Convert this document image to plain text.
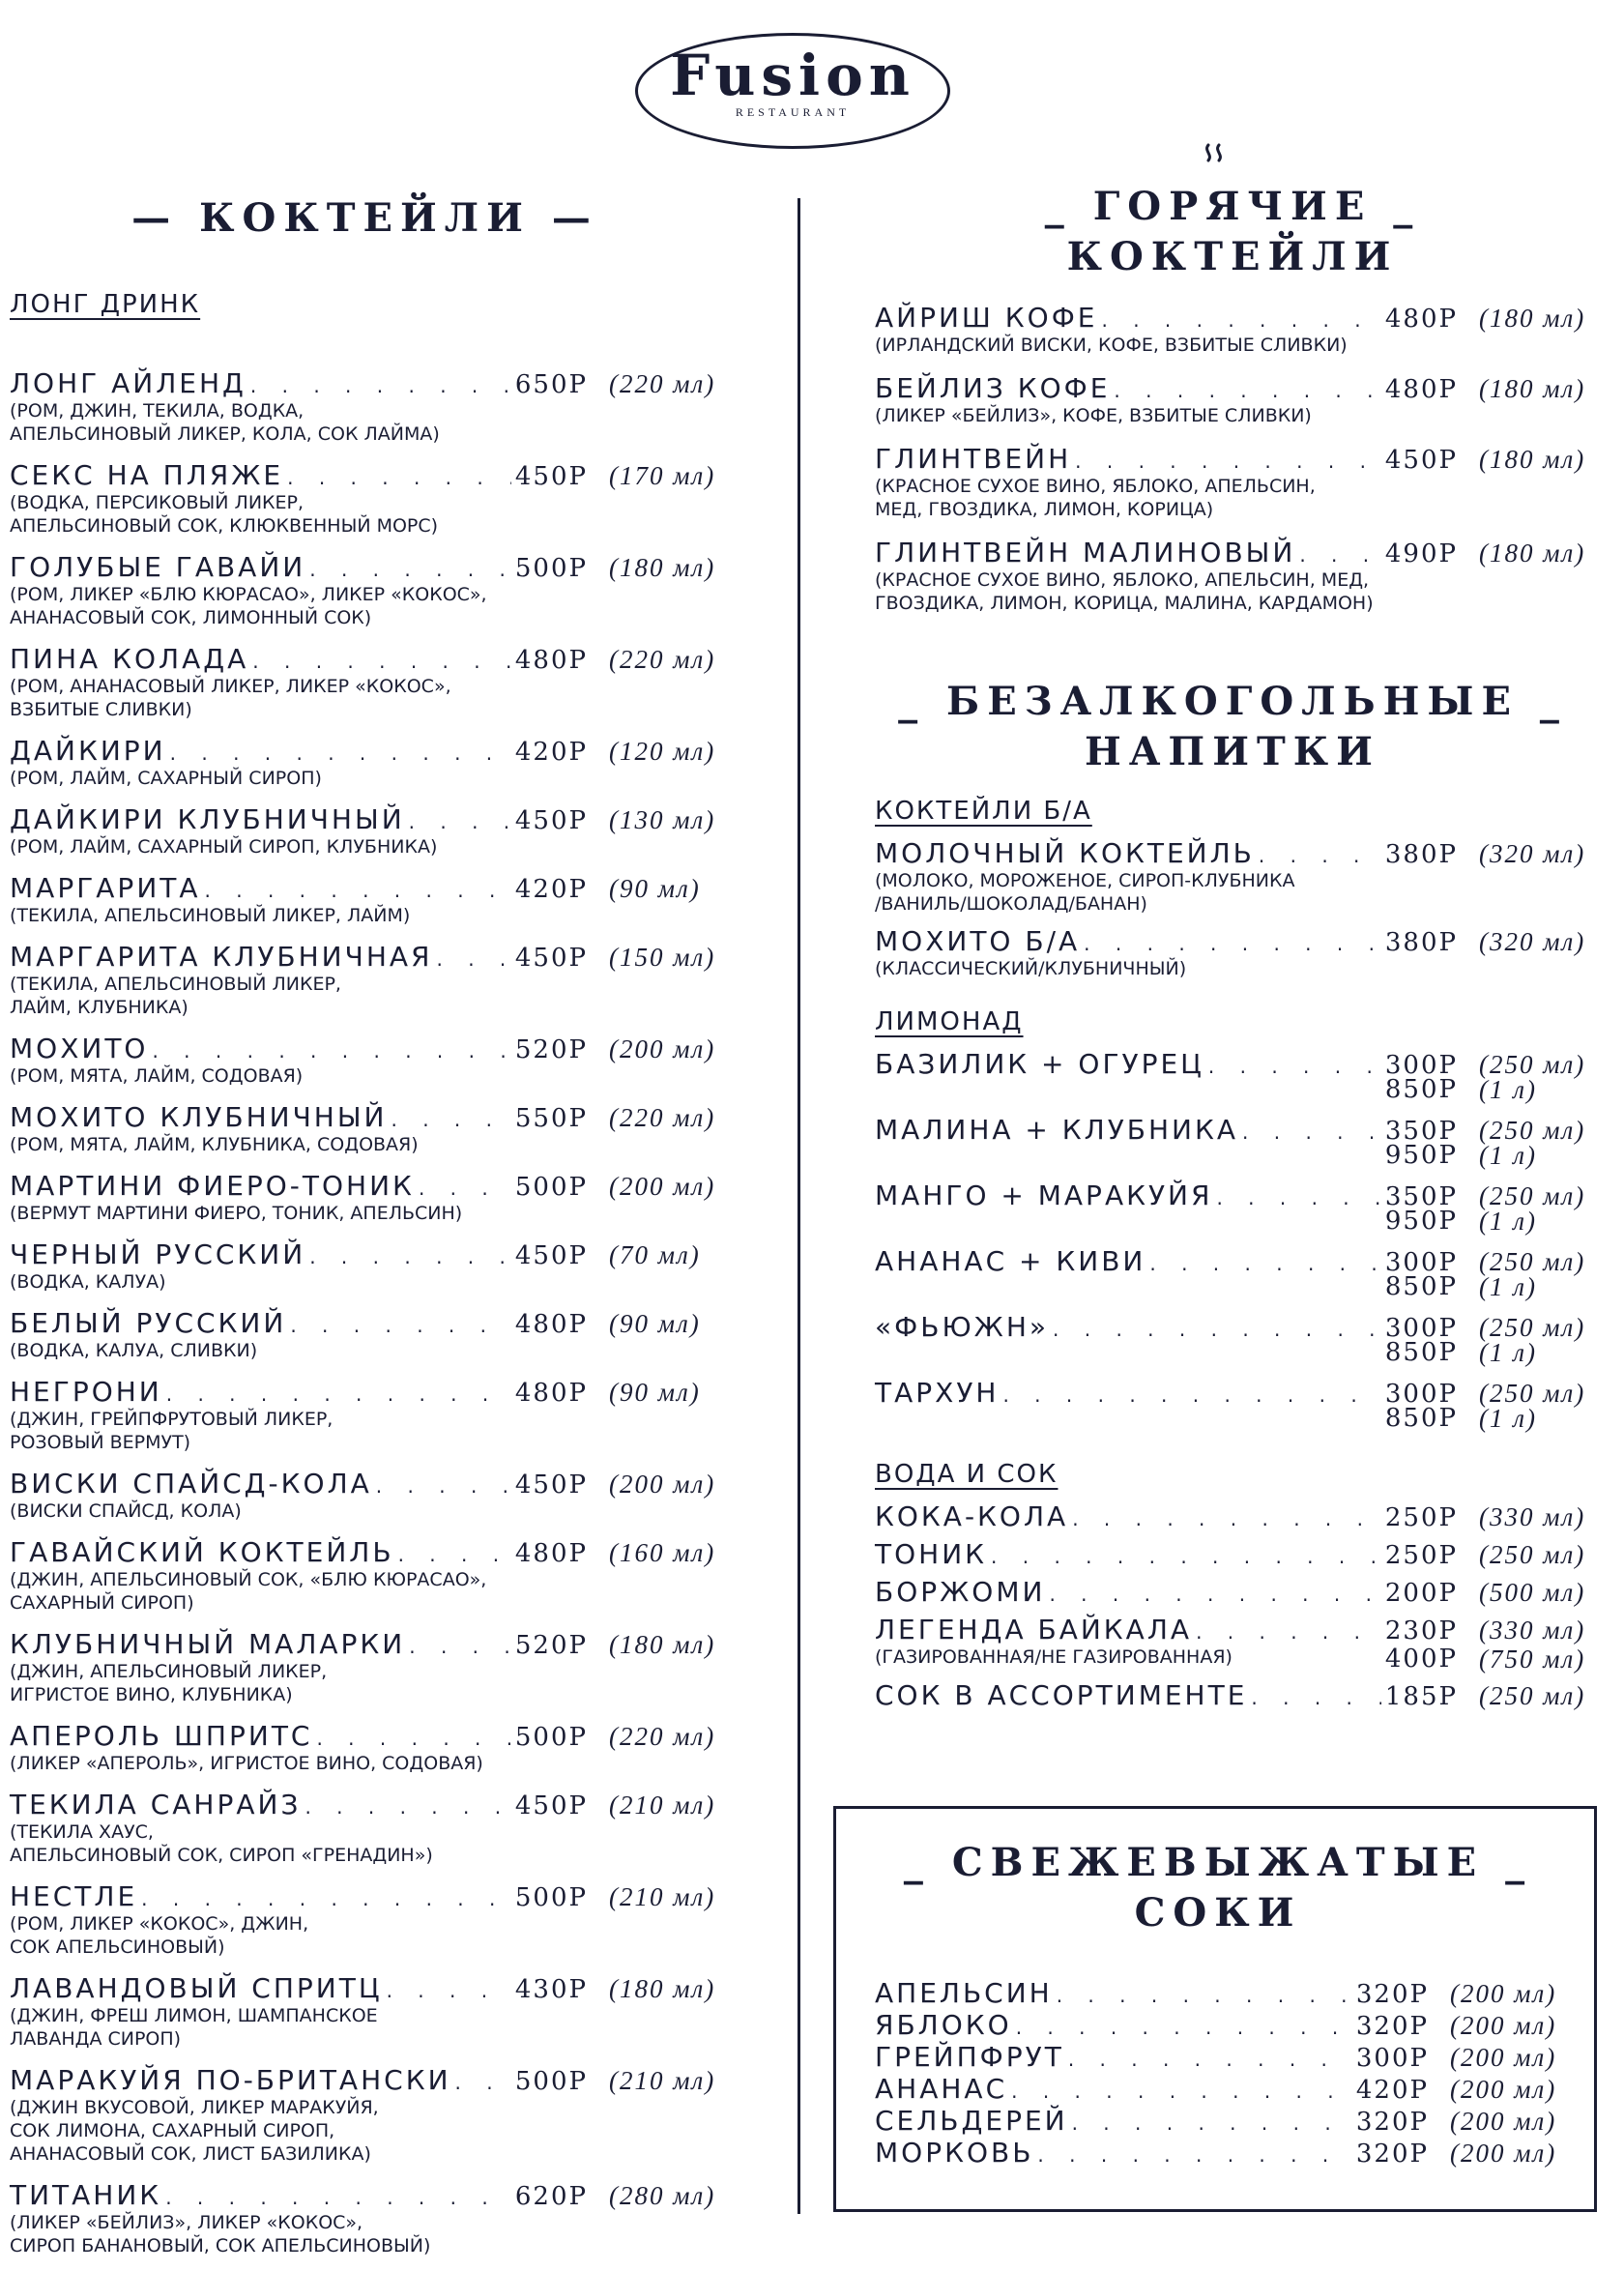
Fusion
RESTAURANT
— КОКТЕЙЛИ —
ЛОНГ ДРИНК
ЛОНГ АЙЛЕНД . . .	650Р (220 мл)
(РОМ, ДЖИН, ТЕКИЛА, ВОДКА,
АПЕЛЬСИНОВЫЙ ЛИКЕР, КОЛА, СОК ЛАЙМА)
СЕКС НА ПЛЯЖЕ . . .	450Р (170 мл)
(ВОДКА, ПЕРСИКОВЫЙ ЛИКЕР,
АПЕЛЬСИНОВЫЙ СОК, КЛЮКВЕННЫЙ МОРС)
ГОЛУБЫЕ ГАВАЙИ . . .	500Р (180 мл)
(РОМ, ЛИКЕР «БЛЮ КЮРАСАО», ЛИКЕР «КОКОС»,
АНАНАСОВЫЙ СОК, ЛИМОННЫЙ СОК)
ПИНА КОЛАДА . . .	480Р (220 мл)
(РОМ, АНАНАСОВЫЙ ЛИКЕР, ЛИКЕР «КОКОС»,
ВЗБИТЫЕ СЛИВКИ)
ДАЙКИРИ . . .	420Р (120 мл)
(РОМ, ЛАЙМ, САХАРНЫЙ СИРОП)
ДАЙКИРИ КЛУБНИЧНЫЙ . . .	450Р (130 мл)
(РОМ, ЛАЙМ, САХАРНЫЙ СИРОП, КЛУБНИКА)
МАРГАРИТА . . .	420Р (90 мл)
(ТЕКИЛА, АПЕЛЬСИНОВЫЙ ЛИКЕР, ЛАЙМ)
МАРГАРИТА КЛУБНИЧНАЯ . . .	450Р (150 мл)
(ТЕКИЛА, АПЕЛЬСИНОВЫЙ ЛИКЕР,
ЛАЙМ, КЛУБНИКА)
МОХИТО . . .	520Р (200 мл)
(РОМ, МЯТА, ЛАЙМ, СОДОВАЯ)
МОХИТО КЛУБНИЧНЫЙ . . .	550Р (220 мл)
(РОМ, МЯТА, ЛАЙМ, КЛУБНИКА, СОДОВАЯ)
МАРТИНИ ФИЕРО-ТОНИК . . .	500Р (200 мл)
(ВЕРМУТ МАРТИНИ ФИЕРО, ТОНИК, АПЕЛЬСИН)
ЧЕРНЫЙ РУССКИЙ . . .	450Р (70 мл)
(ВОДКА, КАЛУА)
БЕЛЫЙ РУССКИЙ . . .	480Р (90 мл)
(ВОДКА, КАЛУА, СЛИВКИ)
НЕГРОНИ . . .	480Р (90 мл)
(ДЖИН, ГРЕЙПФРУТОВЫЙ ЛИКЕР,
РОЗОВЫЙ ВЕРМУТ)
ВИСКИ СПАЙСД-КОЛА . . .	450Р (200 мл)
(ВИСКИ СПАЙСД, КОЛА)
ГАВАЙСКИЙ КОКТЕЙЛЬ . . .	480Р (160 мл)
(ДЖИН, АПЕЛЬСИНОВЫЙ СОК, «БЛЮ КЮРАСАО»,
САХАРНЫЙ СИРОП)
КЛУБНИЧНЫЙ МАЛАРКИ . . .	520Р (180 мл)
(ДЖИН, АПЕЛЬСИНОВЫЙ ЛИКЕР,
ИГРИСТОЕ ВИНО, КЛУБНИКА)
АПЕРОЛЬ ШПРИТС . . .	500Р (220 мл)
(ЛИКЕР «АПЕРОЛЬ», ИГРИСТОЕ ВИНО, СОДОВАЯ)
ТЕКИЛА САНРАЙЗ . . .	450Р (210 мл)
(ТЕКИЛА ХАУС,
АПЕЛЬСИНОВЫЙ СОК, СИРОП «ГРЕНАДИН»)
НЕСТЛЕ . . .	500Р (210 мл)
(РОМ, ЛИКЕР «КОКОС», ДЖИН,
СОК АПЕЛЬСИНОВЫЙ)
ЛАВАНДОВЫЙ СПРИТЦ . . .	430Р (180 мл)
(ДЖИН, ФРЕШ ЛИМОН, ШАМПАНСКОЕ
ЛАВАНДА СИРОП)
МАРАКУЙЯ ПО-БРИТАНСКИ . . .	500Р (210 мл)
(ДЖИН ВКУСОВОЙ, ЛИКЕР МАРАКУЙЯ,
СОК ЛИМОНА, САХАРНЫЙ СИРОП,
АНАНАСОВЫЙ СОК, ЛИСТ БАЗИЛИКА)
ТИТАНИК . . .	620Р (280 мл)
(ЛИКЕР «БЕЙЛИЗ», ЛИКЕР «КОКОС»,
СИРОП БАНАНОВЫЙ, СОК АПЕЛЬСИНОВЫЙ)
_ ГОРЯЧИЕ _
КОКТЕЙЛИ
АЙРИШ КОФЕ . . .	480Р (180 мл)
(ИРЛАНДСКИЙ ВИСКИ, КОФЕ, ВЗБИТЫЕ СЛИВКИ)
БЕЙЛИЗ КОФЕ . . .	480Р (180 мл)
(ЛИКЕР «БЕЙЛИЗ», КОФЕ, ВЗБИТЫЕ СЛИВКИ)
ГЛИНТВЕЙН . . .	450Р (180 мл)
(КРАСНОЕ СУХОЕ ВИНО, ЯБЛОКО, АПЕЛЬСИН,
МЕД, ГВОЗДИКА, ЛИМОН, КОРИЦА)
ГЛИНТВЕЙН МАЛИНОВЫЙ . . .	490Р (180 мл)
(КРАСНОЕ СУХОЕ ВИНО, ЯБЛОКО, АПЕЛЬСИН, МЕД,
ГВОЗДИКА, ЛИМОН, КОРИЦА, МАЛИНА, КАРДАМОН)
_ БЕЗАЛКОГОЛЬНЫЕ _
НАПИТКИ
КОКТЕЙЛИ Б/А
МОЛОЧНЫЙ КОКТЕЙЛЬ . . .	380Р (320 мл)
(МОЛОКО, МОРОЖЕНОЕ, СИРОП-КЛУБНИКА
/ВАНИЛЬ/ШОКОЛАД/БАНАН)
МОХИТО Б/А . . .	380Р (320 мл)
(КЛАССИЧЕСКИЙ/КЛУБНИЧНЫЙ)
ЛИМОНАД
БАЗИЛИК + ОГУРЕЦ . . .	300Р (250 мл)
850Р (1 л)
МАЛИНА + КЛУБНИКА . . .	350Р (250 мл)
950Р (1 л)
МАНГО + МАРАКУЙЯ . . .	350Р (250 мл)
950Р (1 л)
АНАНАС + КИВИ . . .	300Р (250 мл)
850Р (1 л)
«ФЬЮЖН» . . .	300Р (250 мл)
850Р (1 л)
ТАРХУН . . .	300Р (250 мл)
850Р (1 л)
ВОДА И СОК
КОКА-КОЛА . . .	250Р (330 мл)
ТОНИК . . .	250Р (250 мл)
БОРЖОМИ . . .	200Р (500 мл)
ЛЕГЕНДА БАЙКАЛА . . .	230Р (330 мл)
(ГАЗИРОВАННАЯ/НЕ ГАЗИРОВАННАЯ)	400Р (750 мл)
СОК В АССОРТИМЕНТЕ . . .	185Р (250 мл)
_ СВЕЖЕВЫЖАТЫЕ _
СОКИ
АПЕЛЬСИН . . .	320Р (200 мл)
ЯБЛОКО . . .	320Р (200 мл)
ГРЕЙПФРУТ . . .	300Р (200 мл)
АНАНАС . . .	420Р (200 мл)
СЕЛЬДЕРЕЙ . . .	320Р (200 мл)
МОРКОВЬ . . .	320Р (200 мл)
